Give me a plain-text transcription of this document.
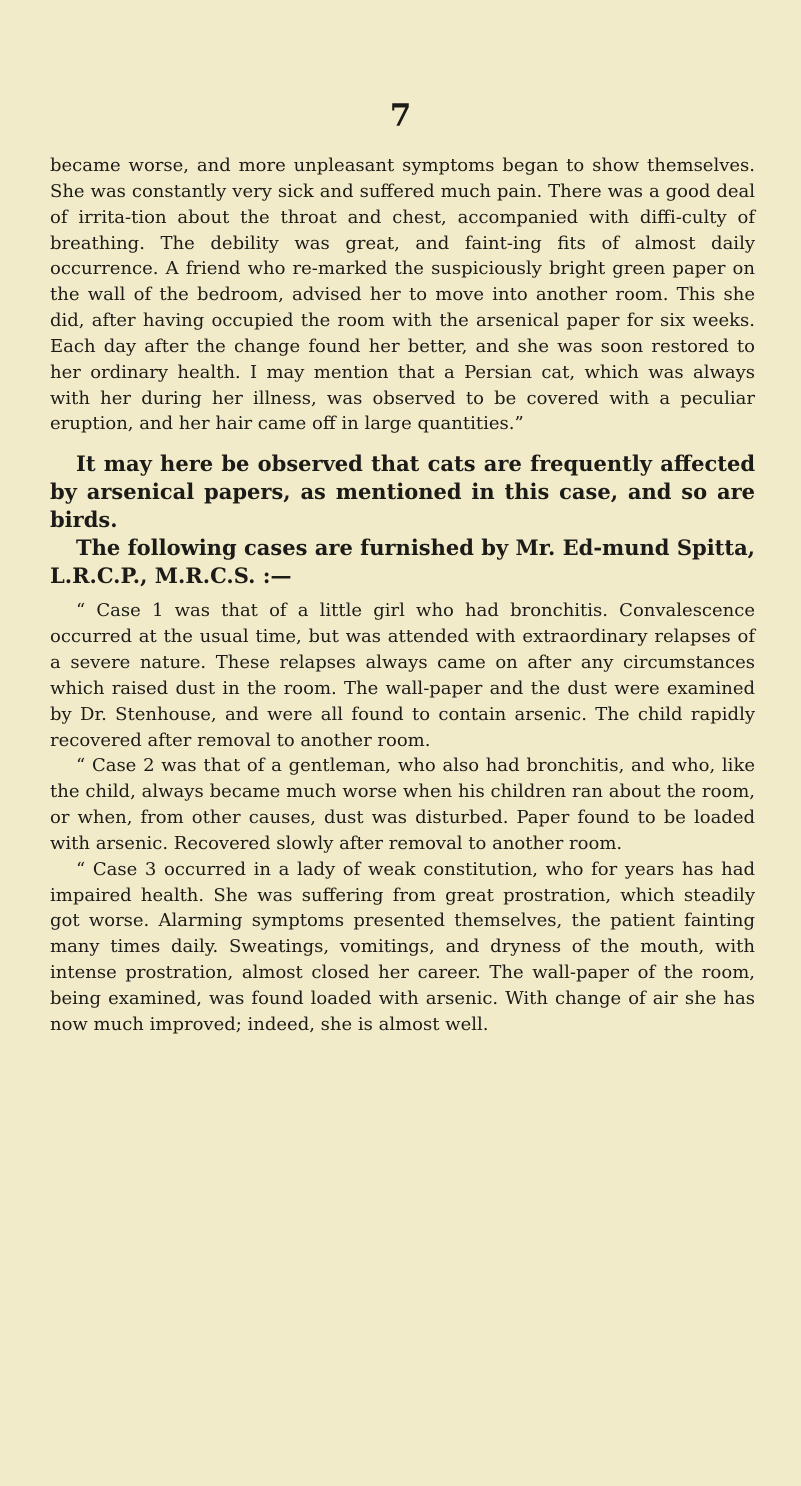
7

became worse, and more unpleasant symptoms began to show themselves. She was constantly very sick and suffered much pain. There was a good deal of irrita-tion about the throat and chest, accompanied with diffi-culty of breathing. The debility was great, and faint-ing fits of almost daily occurrence. A friend who re-marked the suspiciously bright green paper on the wall of the bedroom, advised her to move into another room. This she did, after having occupied the room with the arsenical paper for six weeks. Each day after the change found her better, and she was soon restored to her ordinary health. I may mention that a Persian cat, which was always with her during her illness, was observed to be covered with a peculiar eruption, and her hair came off in large quantities.”

It may here be observed that cats are frequently affected by arsenical papers, as mentioned in this case, and so are birds.

The following cases are furnished by Mr. Ed-mund Spitta, L.R.C.P., M.R.C.S. :—

“ Case 1 was that of a little girl who had bronchitis. Convalescence occurred at the usual time, but was attended with extraordinary relapses of a severe nature. These relapses always came on after any circumstances which raised dust in the room. The wall-paper and the dust were examined by Dr. Stenhouse, and were all found to contain arsenic. The child rapidly recovered after removal to another room.

“ Case 2 was that of a gentleman, who also had bronchitis, and who, like the child, always became much worse when his children ran about the room, or when, from other causes, dust was disturbed. Paper found to be loaded with arsenic. Recovered slowly after removal to another room.

“ Case 3 occurred in a lady of weak constitution, who for years has had impaired health. She was suffering from great prostration, which steadily got worse. Alarming symptoms presented themselves, the patient fainting many times daily. Sweatings, vomitings, and dryness of the mouth, with intense prostration, almost closed her career. The wall-paper of the room, being examined, was found loaded with arsenic. With change of air she has now much improved; indeed, she is almost well.
